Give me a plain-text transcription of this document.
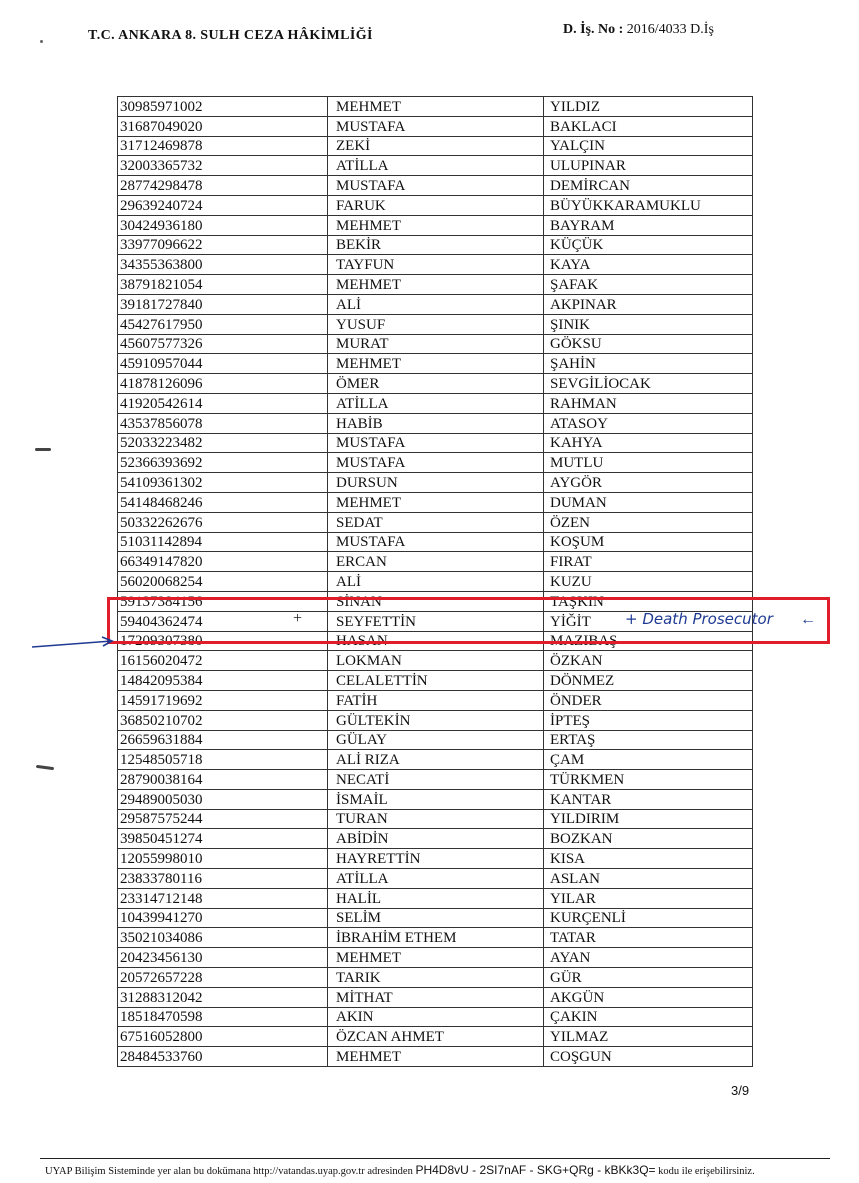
T.C. ANKARA 8. SULH CEZA HÂKİMLİĞİ	D. İş. No : 2016/4033 D.İş
30985971002	MEHMET	YILDIZ
31687049020	MUSTAFA	BAKLACI
31712469878	ZEKİ	YALÇIN
32003365732	ATİLLA	ULUPINAR
28774298478	MUSTAFA	DEMİRCAN
29639240724	FARUK	BÜYÜKKARAMUKLU
30424936180	MEHMET	BAYRAM
33977096622	BEKİR	KÜÇÜK
34355363800	TAYFUN	KAYA
38791821054	MEHMET	ŞAFAK
39181727840	ALİ	AKPINAR
45427617950	YUSUF	ŞINIK
45607577326	MURAT	GÖKSU
45910957044	MEHMET	ŞAHİN
41878126096	ÖMER	SEVGİLİOCAK
41920542614	ATİLLA	RAHMAN
43537856078	HABİB	ATASOY
52033223482	MUSTAFA	KAHYA
52366393692	MUSTAFA	MUTLU
54109361302	DURSUN	AYGÖR
54148468246	MEHMET	DUMAN
50332262676	SEDAT	ÖZEN
51031142894	MUSTAFA	KOŞUM
66349147820	ERCAN	FIRAT
56020068254	ALİ	KUZU
59137384156	SİNAN	TAŞKIN
59404362474	SEYFETTİN	YİĞİT
17209307380	HASAN	MAZIBAŞ
16156020472	LOKMAN	ÖZKAN
14842095384	CELALETTİN	DÖNMEZ
14591719692	FATİH	ÖNDER
36850210702	GÜLTEKİN	İPTEŞ
26659631884	GÜLAY	ERTAŞ
12548505718	ALİ RIZA	ÇAM
28790038164	NECATİ	TÜRKMEN
29489005030	İSMAİL	KANTAR
29587575244	TURAN	YILDIRIM
39850451274	ABİDİN	BOZKAN
12055998010	HAYRETTİN	KISA
23833780116	ATİLLA	ASLAN
23314712148	HALİL	YILAR
10439941270	SELİM	KURÇENLİ
35021034086	İBRAHİM ETHEM	TATAR
20423456130	MEHMET	AYAN
20572657228	TARIK	GÜR
31288312042	MİTHAT	AKGÜN
18518470598	AKIN	ÇAKIN
67516052800	ÖZCAN AHMET	YILMAZ
28484533760	MEHMET	COŞGUN
+	+ Death Prosecutor ←
3/9
UYAP Bilişim Sisteminde yer alan bu dokümana http://vatandas.uyap.gov.tr adresinden PH4D8vU - 2SI7nAF - SKG+QRg - kBKk3Q= kodu ile erişebilirsiniz.
